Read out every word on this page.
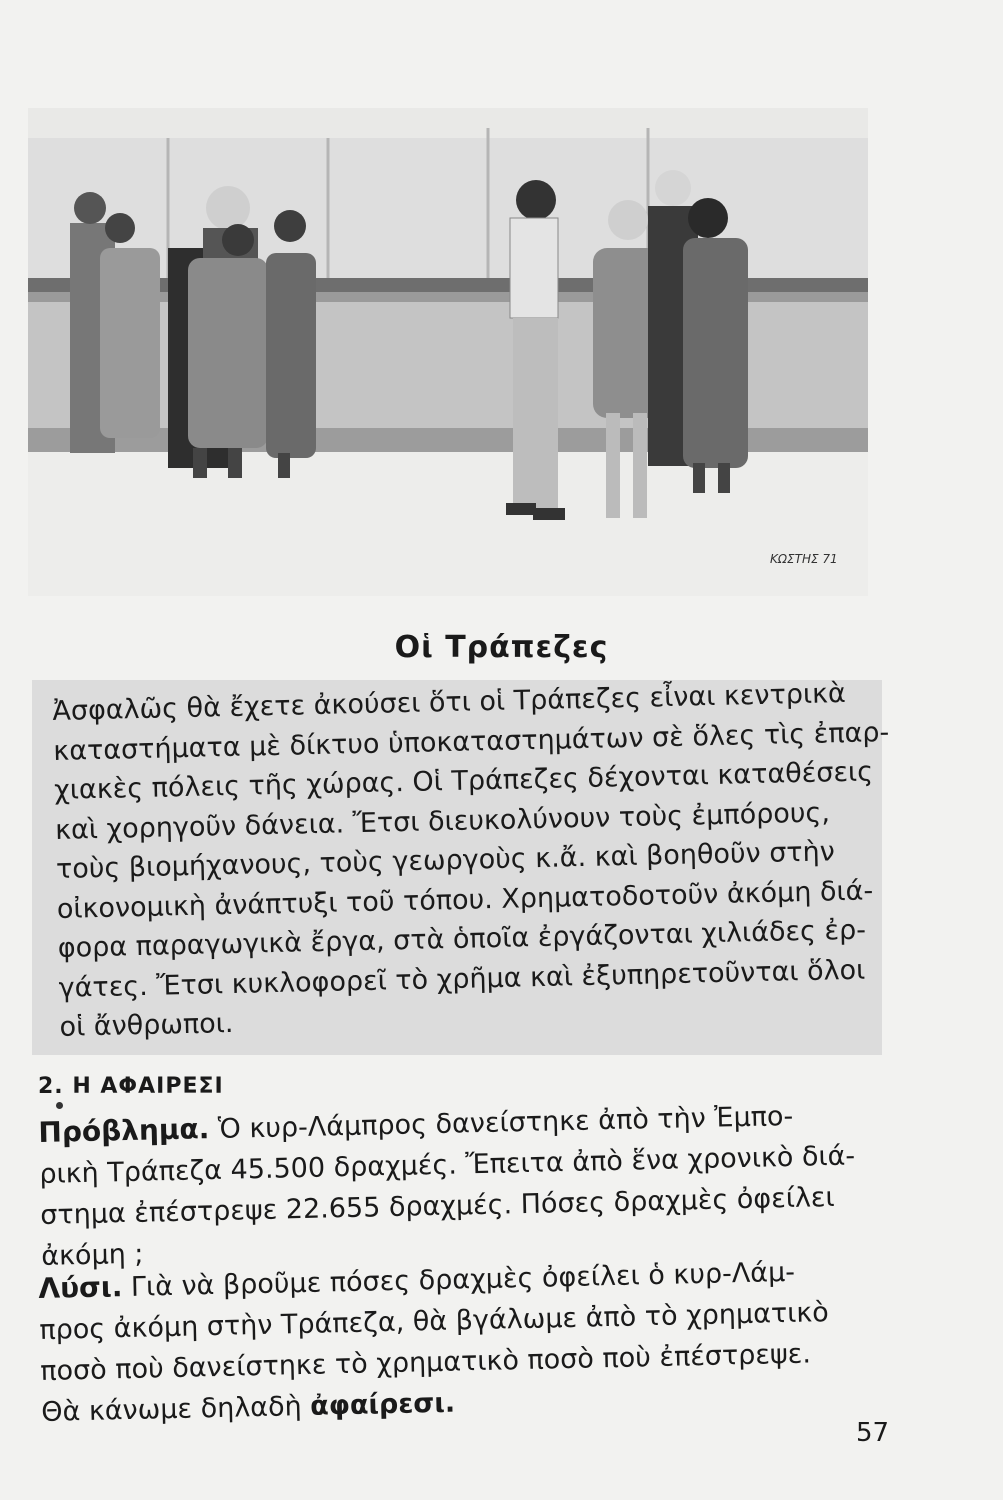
ΚΩΣΤΗΣ 71
Οἱ Τράπεζες
Ἀσφαλῶς θὰ ἔχετε ἀκούσει ὅτι οἱ Τράπεζες εἶναι κεντρικὰ
καταστήματα μὲ δίκτυο ὑποκαταστημάτων σὲ ὅλες τὶς ἐπαρ-
χιακὲς πόλεις τῆς χώρας. Οἱ Τράπεζες δέχονται καταθέσεις
καὶ χορηγοῦν δάνεια. Ἔτσι διευκολύνουν τοὺς ἐμπόρους,
τοὺς βιομήχανους, τοὺς γεωργοὺς κ.ἄ. καὶ βοηθοῦν στὴν
οἰκονομικὴ ἀνάπτυξι τοῦ τόπου. Χρηματοδοτοῦν ἀκόμη διά-
φορα παραγωγικὰ ἔργα, στὰ ὁποῖα ἐργάζονται χιλιάδες ἐρ-
γάτες. Ἔτσι κυκλοφορεῖ τὸ χρῆμα καὶ ἐξυπηρετοῦνται ὅλοι
οἱ ἄνθρωποι.
2. Η ΑΦΑΙΡΕΣΙ
Πρόβλημα. Ὁ κυρ-Λάμπρος δανείστηκε ἀπὸ τὴν Ἐμπο-
ρικὴ Τράπεζα 45.500 δραχμές. Ἔπειτα ἀπὸ ἕνα χρονικὸ διά-
στημα ἐπέστρεψε 22.655 δραχμές. Πόσες δραχμὲς ὀφείλει
ἀκόμη ;
Λύσι. Γιὰ νὰ βροῦμε πόσες δραχμὲς ὀφείλει ὁ κυρ-Λάμ-
προς ἀκόμη στὴν Τράπεζα, θὰ βγάλωμε ἀπὸ τὸ χρηματικὸ
ποσὸ ποὺ δανείστηκε τὸ χρηματικὸ ποσὸ ποὺ ἐπέστρεψε.
Θὰ κάνωμε δηλαδὴ ἀφαίρεσι.
57
